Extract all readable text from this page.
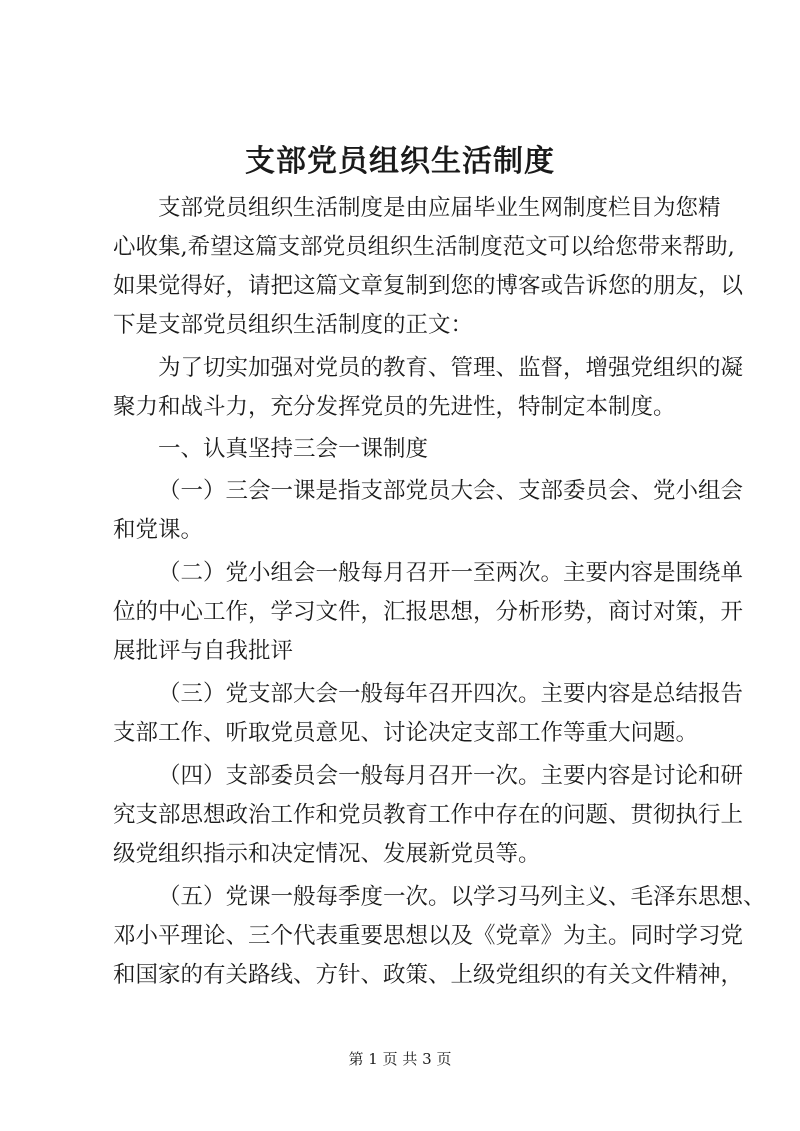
支部党员组织生活制度
支部党员组织生活制度是由应届毕业生网制度栏目为您精
心收集,希望这篇支部党员组织生活制度范文可以给您带来帮助,
如果觉得好，请把这篇文章复制到您的博客或告诉您的朋友，以
下是支部党员组织生活制度的正文：
为了切实加强对党员的教育、管理、监督，增强党组织的凝
聚力和战斗力，充分发挥党员的先进性，特制定本制度。
一、认真坚持三会一课制度
（一）三会一课是指支部党员大会、支部委员会、党小组会
和党课。
（二）党小组会一般每月召开一至两次。主要内容是围绕单
位的中心工作，学习文件，汇报思想，分析形势，商讨对策，开
展批评与自我批评
（三）党支部大会一般每年召开四次。主要内容是总结报告
支部工作、听取党员意见、讨论决定支部工作等重大问题。
（四）支部委员会一般每月召开一次。主要内容是讨论和研
究支部思想政治工作和党员教育工作中存在的问题、贯彻执行上
级党组织指示和决定情况、发展新党员等。
（五）党课一般每季度一次。以学习马列主义、毛泽东思想、
邓小平理论、三个代表重要思想以及《党章》为主。同时学习党
和国家的有关路线、方针、政策、上级党组织的有关文件精神，
第 1 页 共 3 页
